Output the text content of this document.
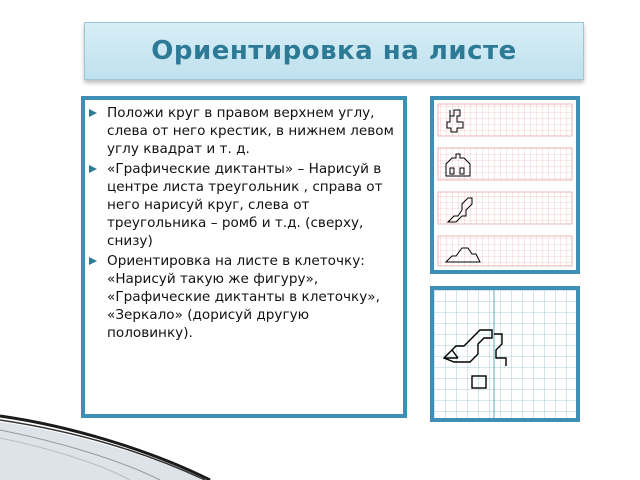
Ориентировка на листе
Положи круг в правом верхнем углу, слева от него крестик, в нижнем левом углу квадрат и т. д.
«Графические диктанты» – Нарисуй в центре листа треугольник , справа от него нарисуй круг, слева от треугольника – ромб и т.д. (сверху, снизу)
Ориентировка на листе в клеточку: «Нарисуй такую же фигуру», «Графические диктанты в клеточку», «Зеркало» (дорисуй другую половинку).
